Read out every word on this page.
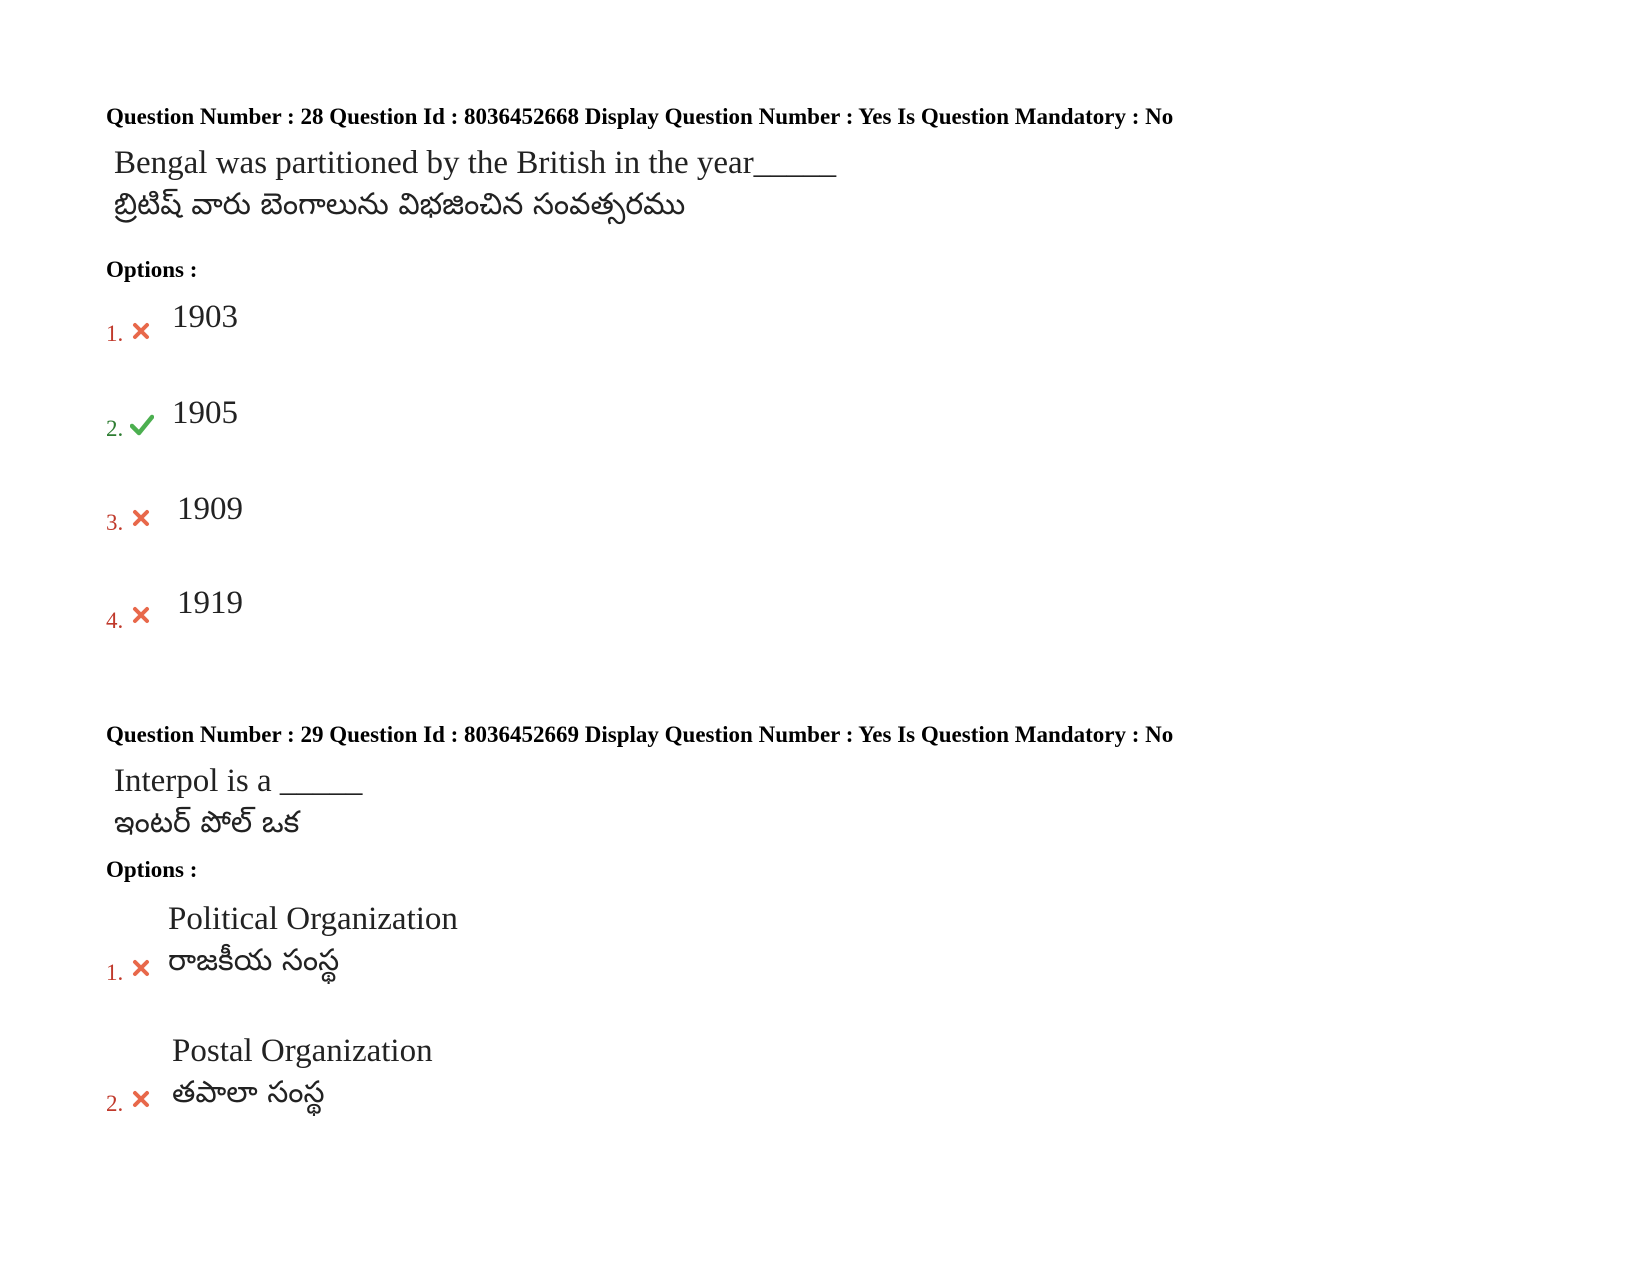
Question Number : 28 Question Id : 8036452668 Display Question Number : Yes Is Question Mandatory : No
Bengal was partitioned by the British in the year_____
బ్రిటిష్ వారు బెంగాలును విభజించిన సంవత్సరము
Options :
1. 1903
2. 1905
3. 1909
4. 1919
Question Number : 29 Question Id : 8036452669 Display Question Number : Yes Is Question Mandatory : No
Interpol is a _____
ఇంటర్ పోల్ ఒక
Options :
1.
Political Organization
రాజకీయ సంస్థ
2.
Postal Organization
తపాలా సంస్థ
